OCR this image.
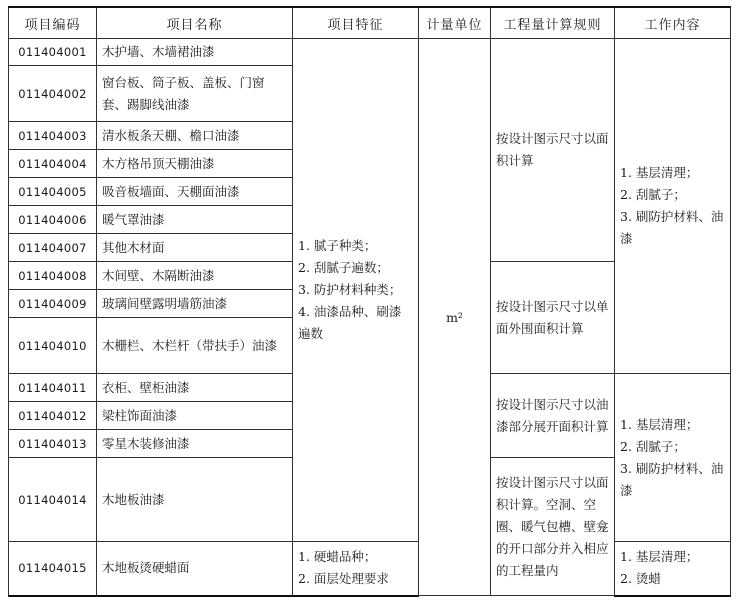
项目编码	项目名称	项目特征	计量单位	工程量计算规则	工作内容
011404001	木护墙、木墙裙油漆	1. 腻子种类；
2. 刮腻子遍数；
3. 防护材料种类；
4. 油漆品种、刷漆遍数	m²	按设计图示尺寸以面积计算	1. 基层清理；
2. 刮腻子；
3. 刷防护材料、油漆

011404002	窗台板、筒子板、盖板、门窗套、踢脚线油漆				
011404003	清水板条天棚、檐口油漆				
011404004	木方格吊顶天棚油漆				
011404005	吸音板墙面、天棚面油漆				
011404006	暖气罩油漆				
011404007	其他木材面				
011404008	木间壁、木隔断油漆			按设计图示尺寸以单面外围面积计算	

011404009	玻璃间壁露明墙筋油漆				
011404010	木栅栏、木栏杆（带扶手）油漆				
011404011	衣柜、壁柜油漆			按设计图示尺寸以油漆部分展开面积计算	1. 基层清理；
2. 刮腻子；
3. 刷防护材料、油漆

011404012	梁柱饰面油漆				
011404013	零星木装修油漆				
011404014	木地板油漆			按设计图示尺寸以面积计算。空洞、空圈、暖气包槽、壁龛的开口部分并入相应的工程量内	

011404015	木地板烫硬蜡面	1. 硬蜡品种；
2. 面层处理要求			1. 基层清理；
2. 烫蜡
